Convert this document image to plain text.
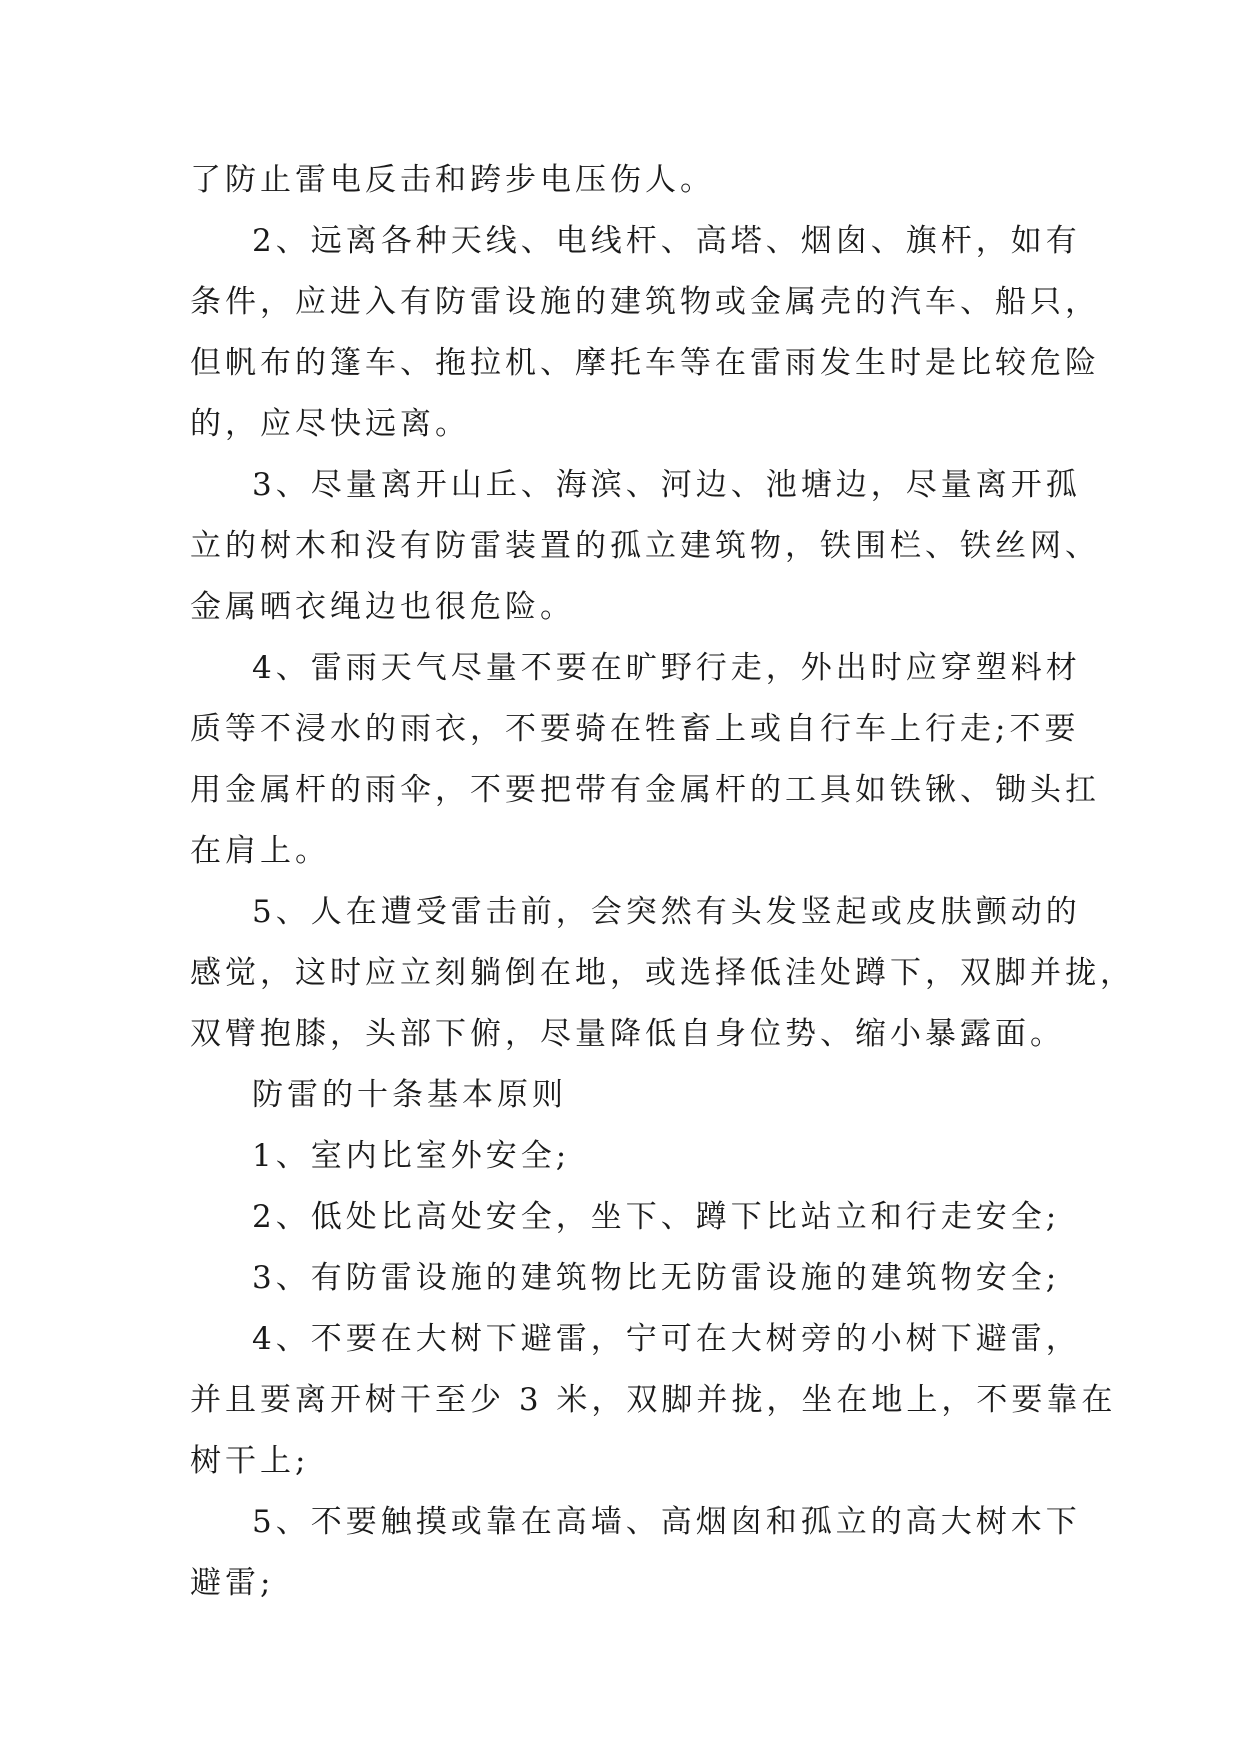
了防止雷电反击和跨步电压伤人。
2、远离各种天线、电线杆、高塔、烟囱、旗杆，如有
条件，应进入有防雷设施的建筑物或金属壳的汽车、船只，
但帆布的篷车、拖拉机、摩托车等在雷雨发生时是比较危险
的，应尽快远离。
3、尽量离开山丘、海滨、河边、池塘边，尽量离开孤
立的树木和没有防雷装置的孤立建筑物，铁围栏、铁丝网、
金属晒衣绳边也很危险。
4、雷雨天气尽量不要在旷野行走，外出时应穿塑料材
质等不浸水的雨衣，不要骑在牲畜上或自行车上行走;不要
用金属杆的雨伞，不要把带有金属杆的工具如铁锹、锄头扛
在肩上。
5、人在遭受雷击前，会突然有头发竖起或皮肤颤动的
感觉，这时应立刻躺倒在地，或选择低洼处蹲下，双脚并拢，
双臂抱膝，头部下俯，尽量降低自身位势、缩小暴露面。
防雷的十条基本原则
1、室内比室外安全;
2、低处比高处安全，坐下、蹲下比站立和行走安全;
3、有防雷设施的建筑物比无防雷设施的建筑物安全;
4、不要在大树下避雷，宁可在大树旁的小树下避雷，
并且要离开树干至少 3 米，双脚并拢，坐在地上，不要靠在
树干上;
5、不要触摸或靠在高墙、高烟囱和孤立的高大树木下
避雷;
